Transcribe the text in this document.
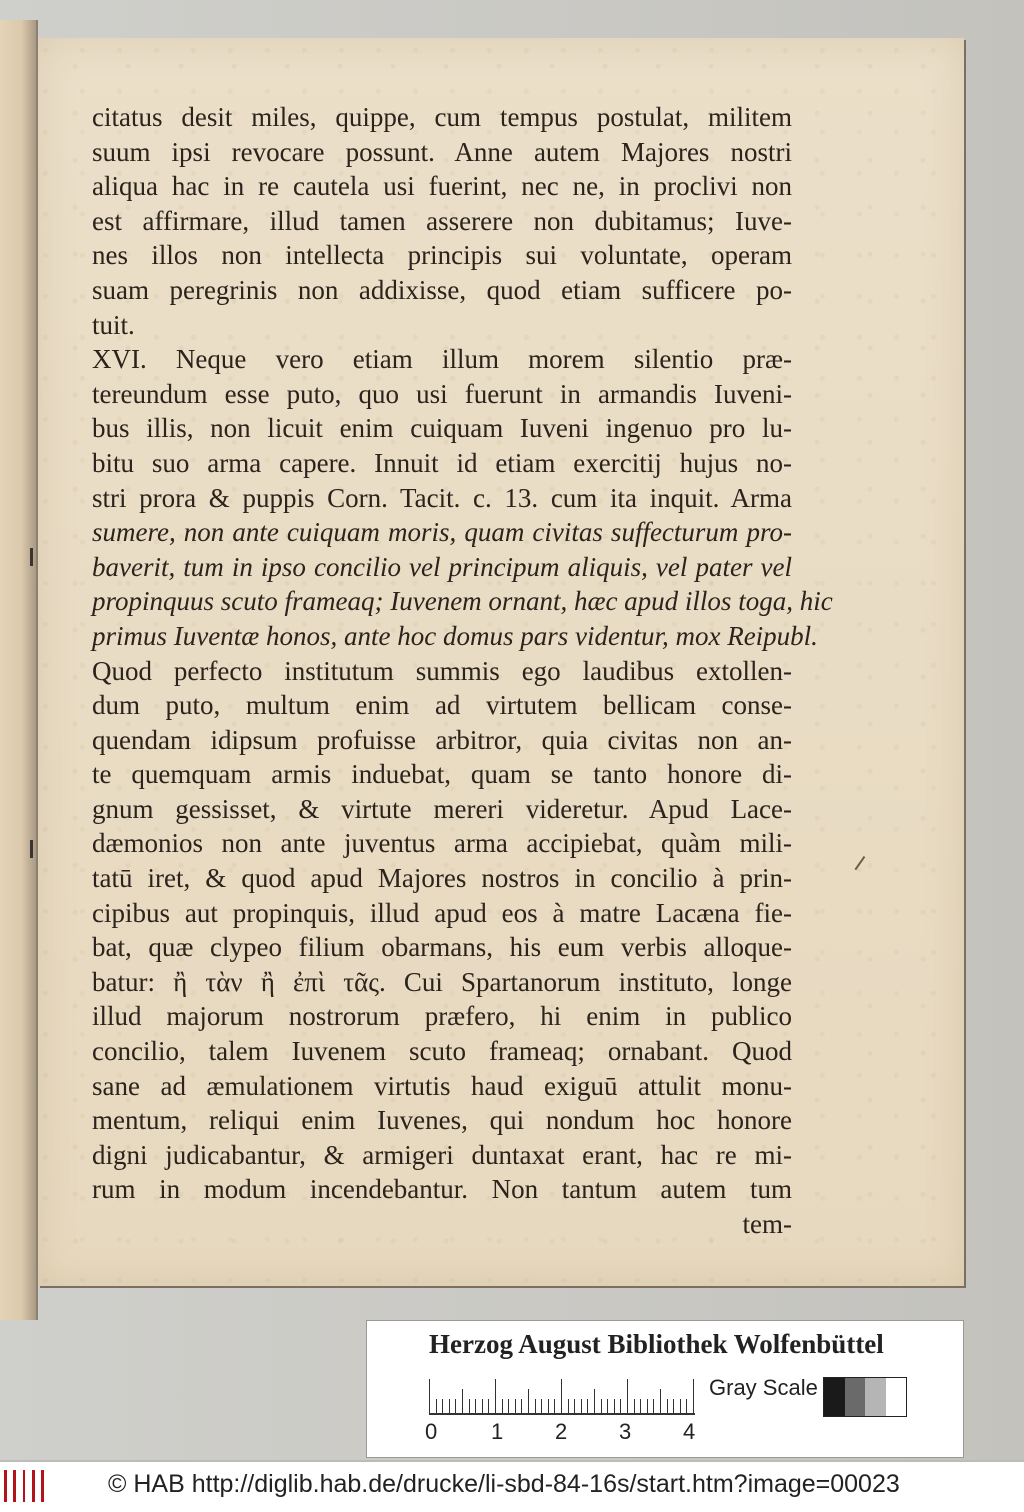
citatus desit miles, quippe, cum tempus postulat, militem
suum ipsi revocare possunt. Anne autem Majores nostri
aliqua hac in re cautela usi fuerint, nec ne, in proclivi non
est affirmare, illud tamen asserere non dubitamus; Iuve-
nes illos non intellecta principis sui voluntate, operam
suam peregrinis non addixisse, quod etiam sufficere po-
tuit.
XVI. Neque vero etiam illum morem silentio præ-
tereundum esse puto, quo usi fuerunt in armandis Iuveni-
bus illis, non licuit enim cuiquam Iuveni ingenuo pro lu-
bitu suo arma capere. Innuit id etiam exercitij hujus no-
stri prora & puppis Corn. Tacit. c. 13. cum ita inquit. Arma
sumere, non ante cuiquam moris, quam civitas suffecturum pro-
baverit, tum in ipso concilio vel principum aliquis, vel pater vel
propinquus scuto frameaq; Iuvenem ornant, hæc apud illos toga, hic
primus Iuventæ honos, ante hoc domus pars videntur, mox Reipubl.
Quod perfecto institutum summis ego laudibus extollen-
dum puto, multum enim ad virtutem bellicam conse-
quendam idipsum profuisse arbitror, quia civitas non an-
te quemquam armis induebat, quam se tanto honore di-
gnum gessisset, & virtute mereri videretur. Apud Lace-
dæmonios non ante juventus arma accipiebat, quàm mili-
tatū iret, & quod apud Majores nostros in concilio à prin-
cipibus aut propinquis, illud apud eos à matre Lacæna fie-
bat, quæ clypeo filium obarmans, his eum verbis alloque-
batur: ἢ τὰν ἢ ἐπὶ τᾶς. Cui Spartanorum instituto, longe
illud majorum nostrorum præfero, hi enim in publico
concilio, talem Iuvenem scuto frameaq; ornabant. Quod
sane ad æmulationem virtutis haud exiguū attulit monu-
mentum, reliqui enim Iuvenes, qui nondum hoc honore
digni judicabantur, & armigeri duntaxat erant, hac re mi-
rum in modum incendebantur. Non tantum autem tum
tem-
Herzog August Bibliothek Wolfenbüttel
0 1 2 3 4
Gray Scale
© HAB http://diglib.hab.de/drucke/li-sbd-84-16s/start.htm?image=00023
